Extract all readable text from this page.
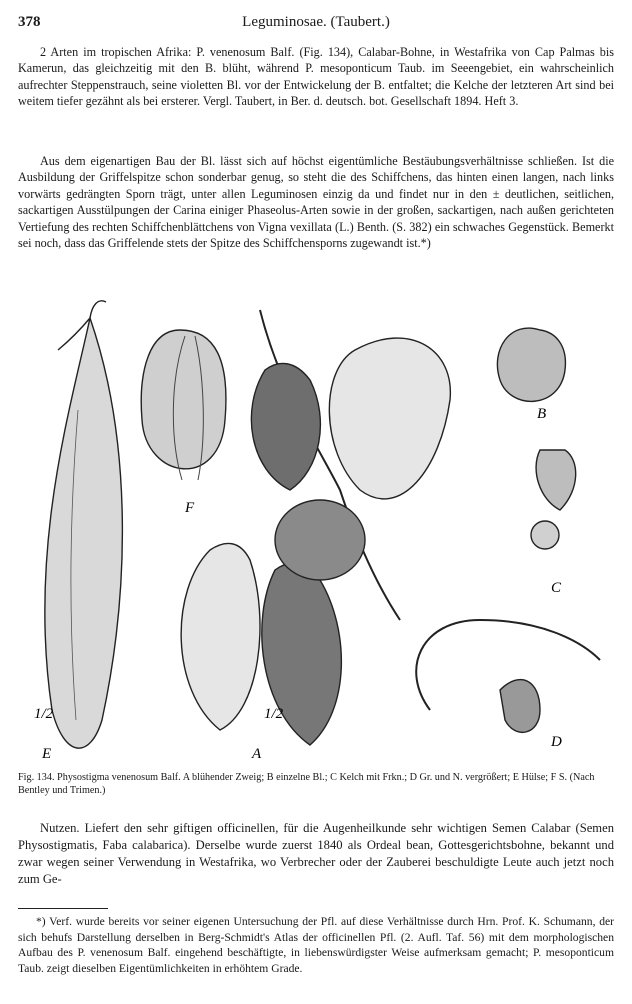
378	Leguminosae. (Taubert.)

2 Arten im tropischen Afrika: P. venenosum Balf. (Fig. 134), Calabar-Bohne, in Westafrika von Cap Palmas bis Kamerun, das gleichzeitig mit den B. blüht, während P. mesoponticum Taub. im Seeengebiet, ein wahrscheinlich aufrechter Steppenstrauch, seine violetten Bl. vor der Entwickelung der B. entfaltet; die Kelche der letzteren Art sind bei weitem tiefer gezähnt als bei ersterer. Vergl. Taubert, in Ber. d. deutsch. bot. Gesellschaft 1894. Heft 3.

Aus dem eigenartigen Bau der Bl. lässt sich auf höchst eigentümliche Bestäubungsverhältnisse schließen. Ist die Ausbildung der Griffelspitze schon sonderbar genug, so steht die des Schiffchens, das hinten einen langen, nach links vorwärts gedrängten Sporn trägt, unter allen Leguminosen einzig da und findet nur in den ± deutlichen, seitlichen, sackartigen Ausstülpungen der Carina einiger Phaseolus-Arten sowie in der großen, sackartigen, nach außen gerichteten Vertiefung des rechten Schiffchenblättchens von Vigna vexillata (L.) Benth. (S. 382) ein schwaches Gegenstück. Bemerkt sei noch, dass das Griffelende stets der Spitze des Schiffchensporns zugewandt ist.*)

E
1/2
F
A
1/2
B
C
D
Fig. 134. Physostigma venenosum Balf. A blühender Zweig; B einzelne Bl.; C Kelch mit Frkn.; D Gr. und N. vergrößert; E Hülse; F S. (Nach Bentley und Trimen.)

Nutzen. Liefert den sehr giftigen officinellen, für die Augenheilkunde sehr wichtigen Semen Calabar (Semen Physostigmatis, Faba calabarica). Derselbe wurde zuerst 1840 als Ordeal bean, Gottesgerichtsbohne, bekannt und zwar wegen seiner Verwendung in Westafrika, wo Verbrecher oder der Zauberei beschuldigte Leute auch jetzt noch zum Ge-

*) Verf. wurde bereits vor seiner eigenen Untersuchung der Pfl. auf diese Verhältnisse durch Hrn. Prof. K. Schumann, der sich behufs Darstellung derselben in Berg-Schmidt's Atlas der officinellen Pfl. (2. Aufl. Taf. 56) mit dem morphologischen Aufbau des P. venenosum Balf. eingehend beschäftigte, in liebenswürdigster Weise aufmerksam gemacht; P. mesoponticum Taub. zeigt dieselben Eigentümlichkeiten in erhöhtem Grade.
